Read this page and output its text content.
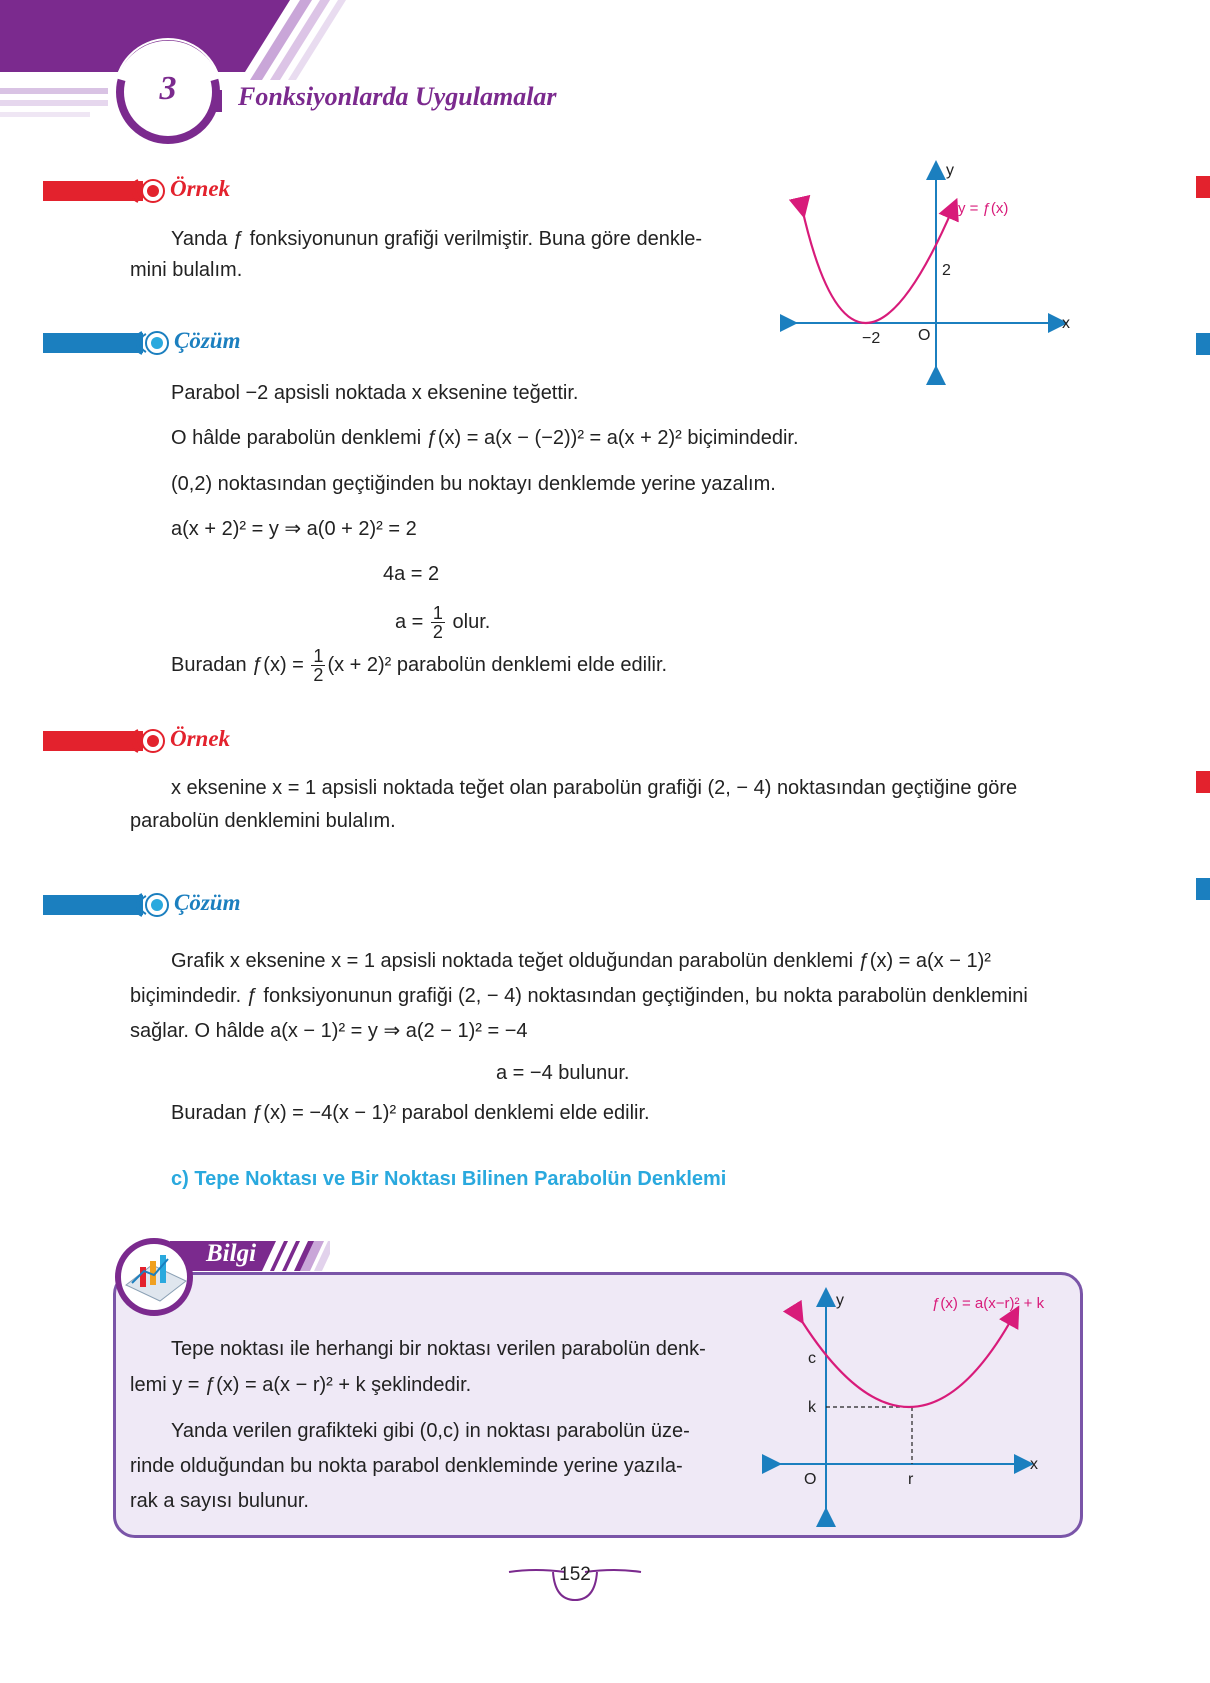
3	Fonksiyonlarda Uygulamalar
Örnek
Yanda ƒ fonksiyonunun grafiği verilmiştir. Buna göre denkle-
mini bulalım.
y
x
y = ƒ(x)
2
−2 O
Çözüm
Parabol −2 apsisli noktada x eksenine teğettir.
O hâlde parabolün denklemi ƒ(x) = a(x − (−2))² = a(x + 2)² biçimindedir.
(0,2) noktasından geçtiğinden bu noktayı denklemde yerine yazalım.
a(x + 2)² = y ⇒ a(0 + 2)² = 2
4a = 2
$a = \frac{1}{2}$ olur.
Buradan ƒ(x) = $\frac{1}{2} (x + 2)^2$ parabolün denklemi elde edilir.
Örnek
x eksenine x = 1 apsisli noktada teğet olan parabolün grafiği (2, − 4) noktasından geçtiğine göre
parabolün denklemini bulalım.
Çözüm
Grafik x eksenine x = 1 apsisli noktada teğet olduğundan parabolün denklemi ƒ(x) = a(x − 1)²
biçimindedir. ƒ fonksiyonunun grafiği (2, − 4) noktasından geçtiğinden, bu nokta parabolün denklemini
sağlar. O hâlde a(x − 1)² = y ⇒ a(2 − 1)² = −4
a = −4 bulunur.
Buradan ƒ(x) = −4(x − 1)² parabol denklemi elde edilir.
c) Tepe Noktası ve Bir Noktası Bilinen Parabolün Denklemi
Bilgi
Tepe noktası ile herhangi bir noktası verilen parabolün denk-
lemi y = ƒ(x) = a(x − r)² + k şeklindedir.
Yanda verilen grafikteki gibi (0,c) in noktası parabolün üze-
rinde olduğundan bu nokta parabol denkleminde yerine yazıla-
rak a sayısı bulunur.
y
x
ƒ(x) = a(x−r)² + k
c
k
r
O
152
